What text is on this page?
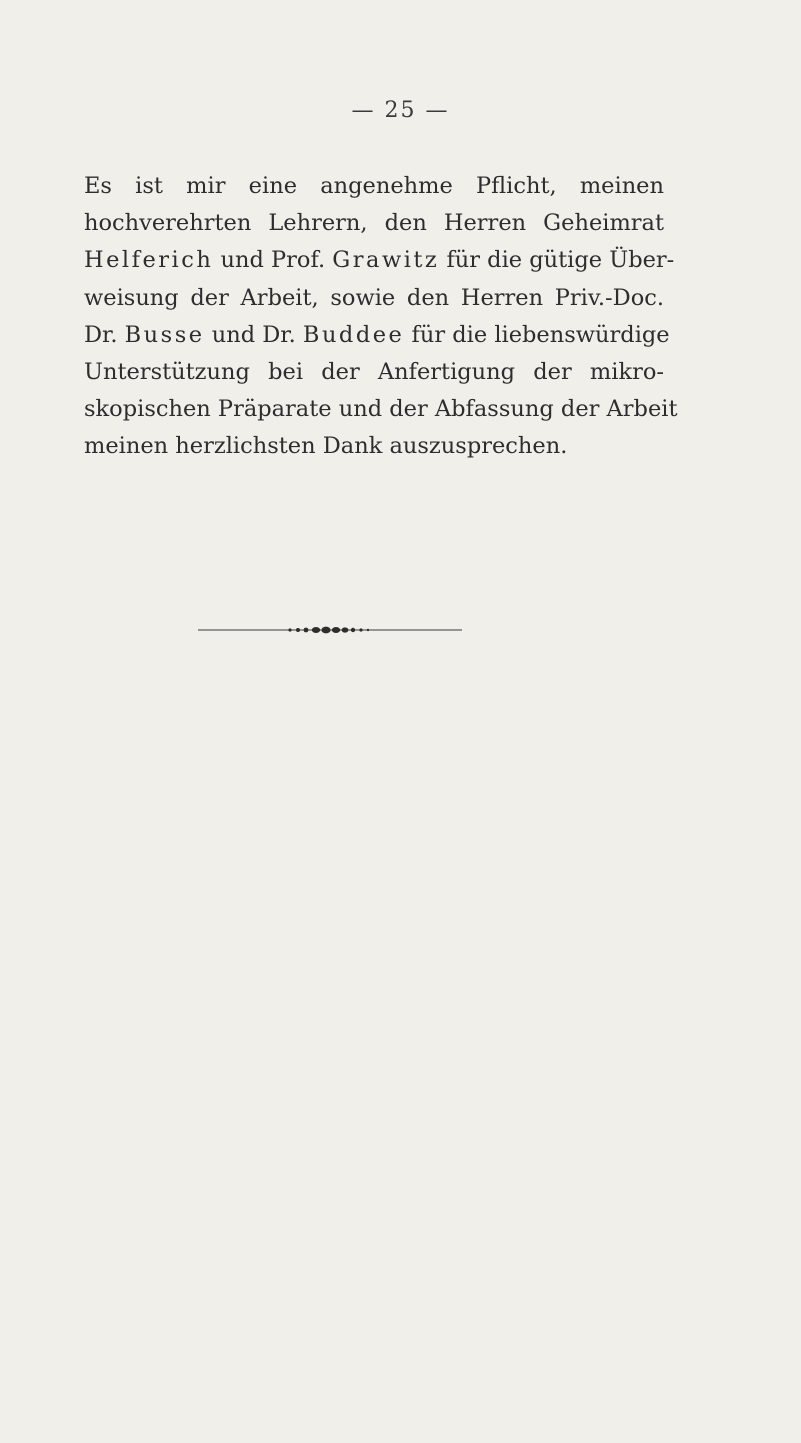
— 25 —
Es ist mir eine angenehme Pflicht, meinen
hochverehrten Lehrern, den Herren Geheimrat
Helferich und Prof. Grawitz für die gütige Über-
weisung der Arbeit, sowie den Herren Priv.-Doc.
Dr. Busse und Dr. Buddee für die liebenswürdige
Unterstützung bei der Anfertigung der mikro-
skopischen Präparate und der Abfassung der Arbeit
meinen herzlichsten Dank auszusprechen.
